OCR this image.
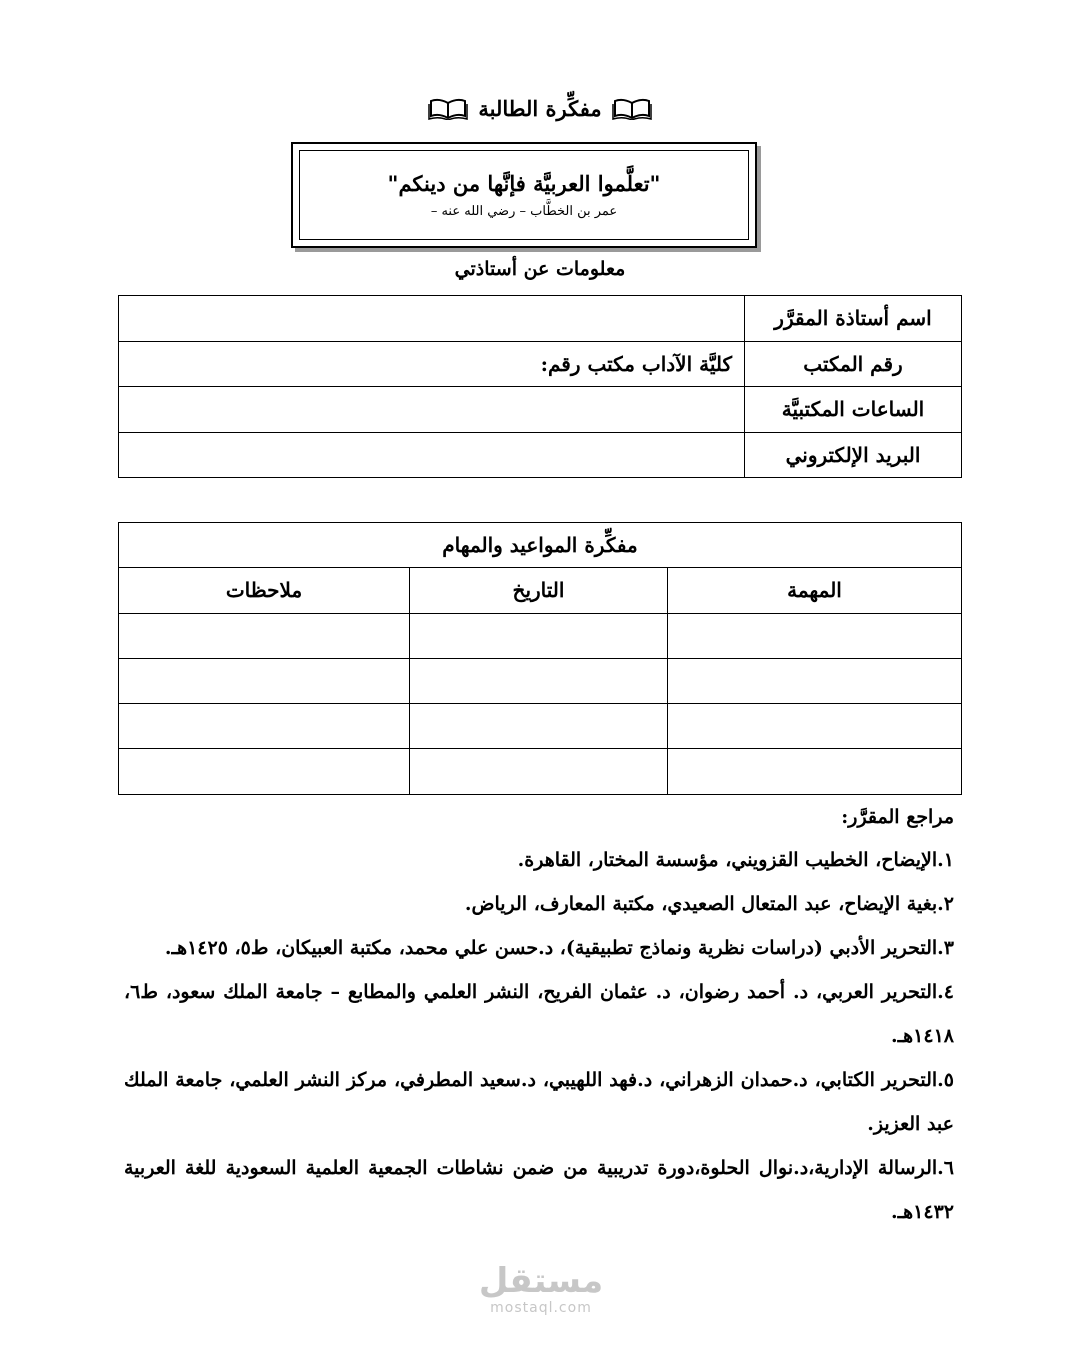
مفكِّرة الطالبة
"تعلَّموا العربيَّة فإنَّها من دينكم"
عمر بن الخطَّاب – رضي الله عنه –
معلومات عن أستاذتي
اسم أستاذة المقرَّر	
رقم المكتب	كليَّة الآداب مكتب رقم:
الساعات المكتبيَّة	
البريد الإلكتروني	
مفكِّرة المواعيد والمهام		
المهمة	التاريخ	ملاحظات

مراجع المقرَّر:

١.الإيضاح، الخطيب القزويني، مؤسسة المختار، القاهرة.

٢.بغية الإيضاح، عبد المتعال الصعيدي، مكتبة المعارف، الرياض.

٣.التحرير الأدبي (دراسات نظرية ونماذج تطبيقية)، د.حسن علي محمد، مكتبة العبيكان، ط٥، ١٤٢٥هـ.

٤.التحرير العربي، د. أحمد رضوان، د. عثمان الفريح، النشر العلمي والمطابع – جامعة الملك سعود، ط٦، ١٤١٨هـ.

٥.التحرير الكتابي، د.حمدان الزهراني، د.فهد اللهيبي، د.سعيد المطرفي، مركز النشر العلمي، جامعة الملك عبد العزيز.

٦.الرسالة الإدارية،د.نوال الحلوة،دورة تدريبية من ضمن نشاطات الجمعية العلمية السعودية للغة العربية ١٤٣٢هـ.

مستقل
mostaql.com
